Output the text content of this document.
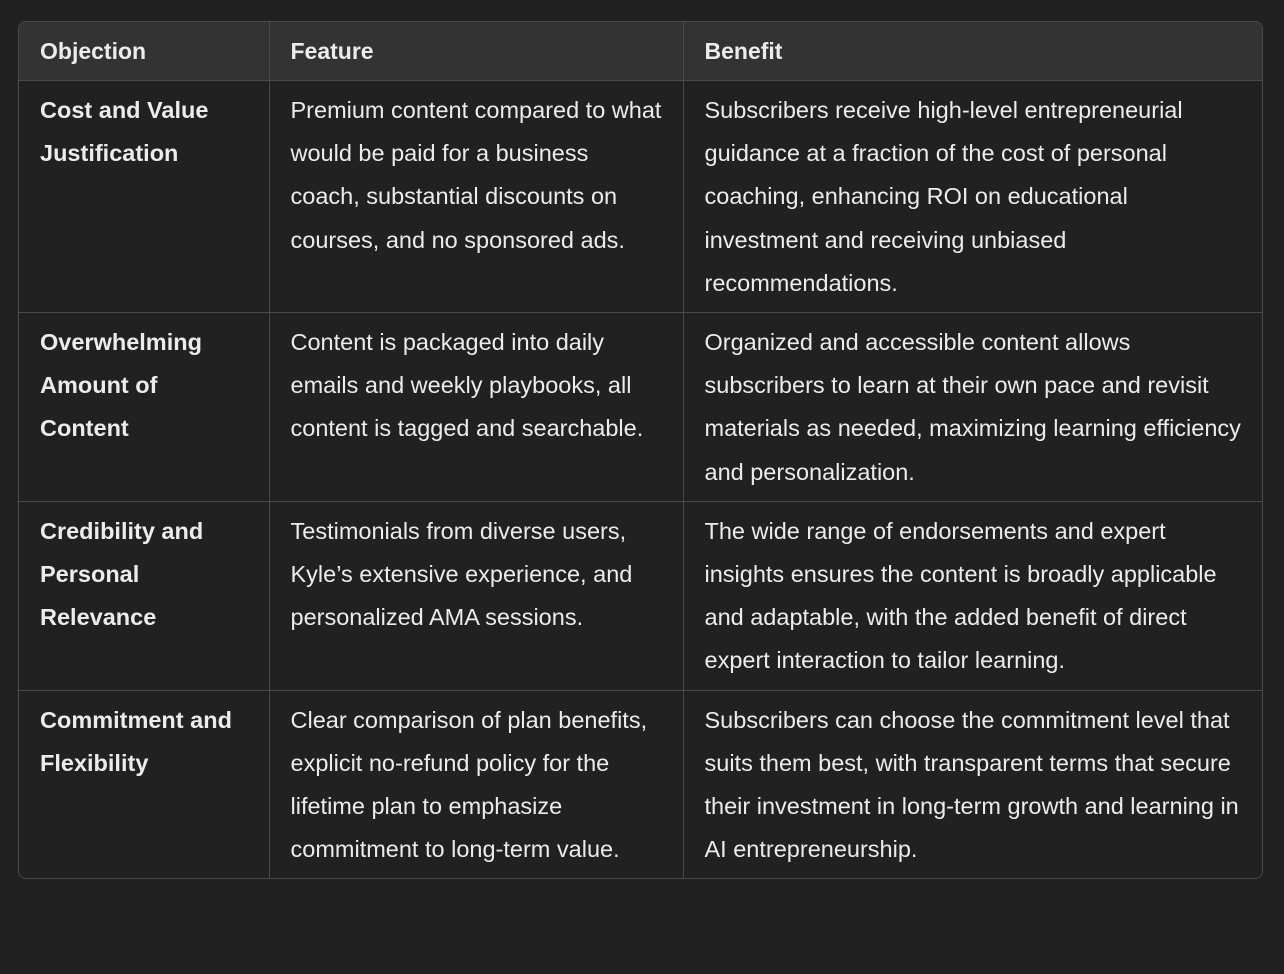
Objection	Feature	Benefit
Cost and Value Justification	Premium content compared to what would be paid for a business coach, substantial discounts on courses, and no sponsored ads.	Subscribers receive high-level entrepreneurial guidance at a fraction of the cost of personal coaching, enhancing ROI on educational investment and receiving unbiased recommendations.
Overwhelming Amount of Content	Content is packaged into daily emails and weekly playbooks, all content is tagged and searchable.	Organized and accessible content allows subscribers to learn at their own pace and revisit materials as needed, maximizing learning efficiency and personalization.
Credibility and Personal Relevance	Testimonials from diverse users, Kyle’s extensive experience, and personalized AMA sessions.	The wide range of endorsements and expert insights ensures the content is broadly applicable and adaptable, with the added benefit of direct expert interaction to tailor learning.
Commitment and Flexibility	Clear comparison of plan benefits, explicit no-refund policy for the lifetime plan to emphasize commitment to long-term value.	Subscribers can choose the commitment level that suits them best, with transparent terms that secure their investment in long-term growth and learning in AI entrepreneurship.
